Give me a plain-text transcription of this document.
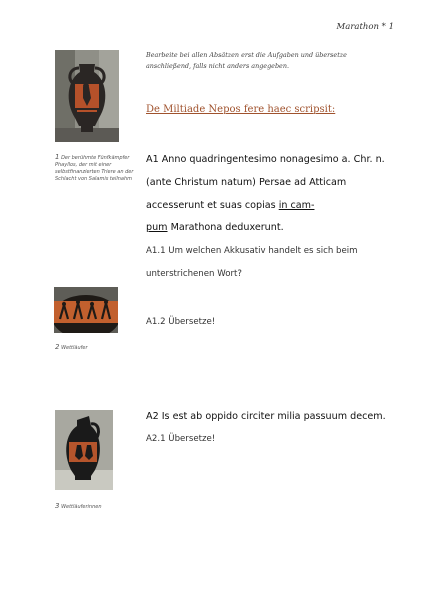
Marathon * 1
1 Der berühmte Fünfkämpfer Phayllos, der mit einer selbstfinanzierten Triere an der Schlacht von Salamis teilnahm
Bearbeite bei allen Absätzen erst die Aufgaben und übersetze anschließend, falls nicht anders angegeben.
De Miltiade Nepos fere haec scripsit:
A1 Anno quadringentesimo nonagesimo a. Chr. n.
(ante Christum natum) Persae ad Atticam
accesserunt et suas copias in cam-
pum Marathona deduxerunt.
A1.1 Um welchen Akkusativ handelt es sich beim
unterstrichenen Wort?
2 Wettläufer
A1.2 Übersetze!
3 Wettläuferinnen
A2 Is est ab oppido circiter milia passuum decem.
A2.1 Übersetze!
